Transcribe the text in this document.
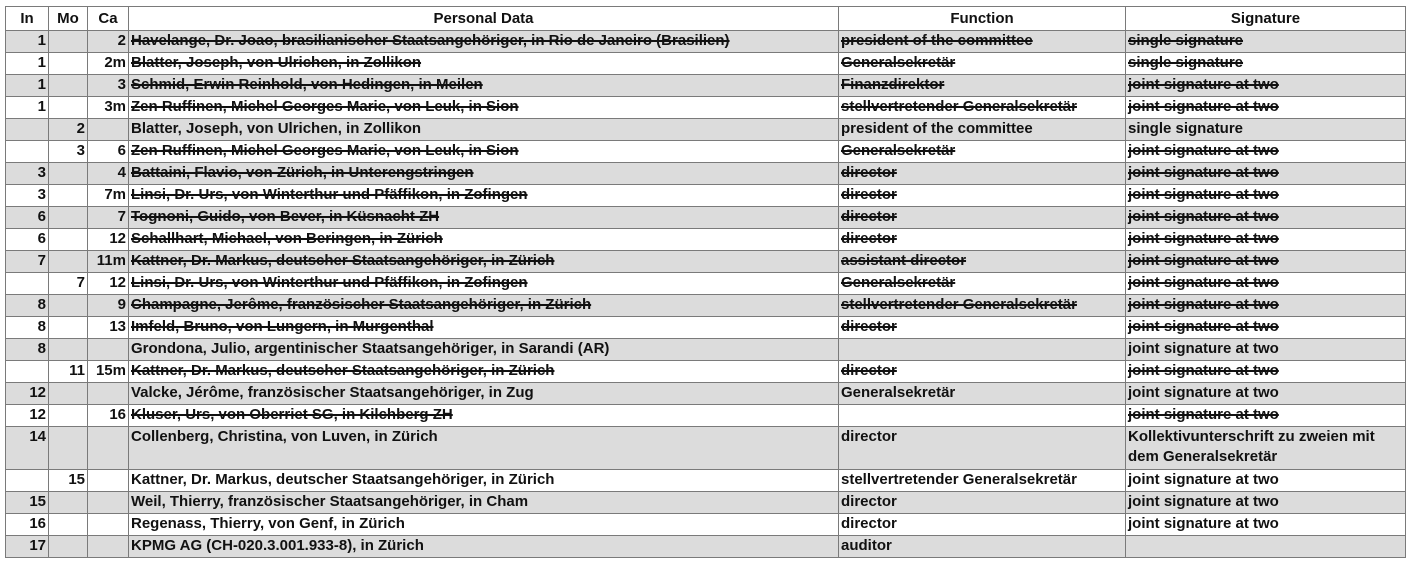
In	Mo	Ca	Personal Data	Function	Signature
1		2	Havelange, Dr. Joao, brasilianischer Staatsangehöriger, in Rio de Janeiro (Brasilien)	president of the committee	single signature
1		2m	Blatter, Joseph, von Ulrichen, in Zollikon	Generalsekretär	single signature
1		3	Schmid, Erwin Reinhold, von Hedingen, in Meilen	Finanzdirektor	joint signature at two
1		3m	Zen Ruffinen, Michel Georges Marie, von Leuk, in Sion	stellvertretender Generalsekretär	joint signature at two
	2		Blatter, Joseph, von Ulrichen, in Zollikon	president of the committee	single signature
	3	6	Zen Ruffinen, Michel Georges Marie, von Leuk, in Sion	Generalsekretär	joint signature at two
3		4	Battaini, Flavio, von Zürich, in Unterengstringen	director	joint signature at two
3		7m	Linsi, Dr. Urs, von Winterthur und Pfäffikon, in Zofingen	director	joint signature at two
6		7	Tognoni, Guido, von Bever, in Küsnacht ZH	director	joint signature at two
6		12	Schallhart, Michael, von Beringen, in Zürich	director	joint signature at two
7		11m	Kattner, Dr. Markus, deutscher Staatsangehöriger, in Zürich	assistant director	joint signature at two
	7	12	Linsi, Dr. Urs, von Winterthur und Pfäffikon, in Zofingen	Generalsekretär	joint signature at two
8		9	Champagne, Jerôme, französischer Staatsangehöriger, in Zürich	stellvertretender Generalsekretär	joint signature at two
8		13	Imfeld, Bruno, von Lungern, in Murgenthal	director	joint signature at two
8			Grondona, Julio, argentinischer Staatsangehöriger, in Sarandi (AR)		joint signature at two
	11	15m	Kattner, Dr. Markus, deutscher Staatsangehöriger, in Zürich	director	joint signature at two
12			Valcke, Jérôme, französischer Staatsangehöriger, in Zug	Generalsekretär	joint signature at two
12		16	Kluser, Urs, von Oberriet SG, in Kilchberg ZH		joint signature at two
14			Collenberg, Christina, von Luven, in Zürich	director	Kollektivunterschrift zu zweien mit dem Generalsekretär
	15		Kattner, Dr. Markus, deutscher Staatsangehöriger, in Zürich	stellvertretender Generalsekretär	joint signature at two
15			Weil, Thierry, französischer Staatsangehöriger, in Cham	director	joint signature at two
16			Regenass, Thierry, von Genf, in Zürich	director	joint signature at two
17			KPMG AG (CH-020.3.001.933-8), in Zürich	auditor	
